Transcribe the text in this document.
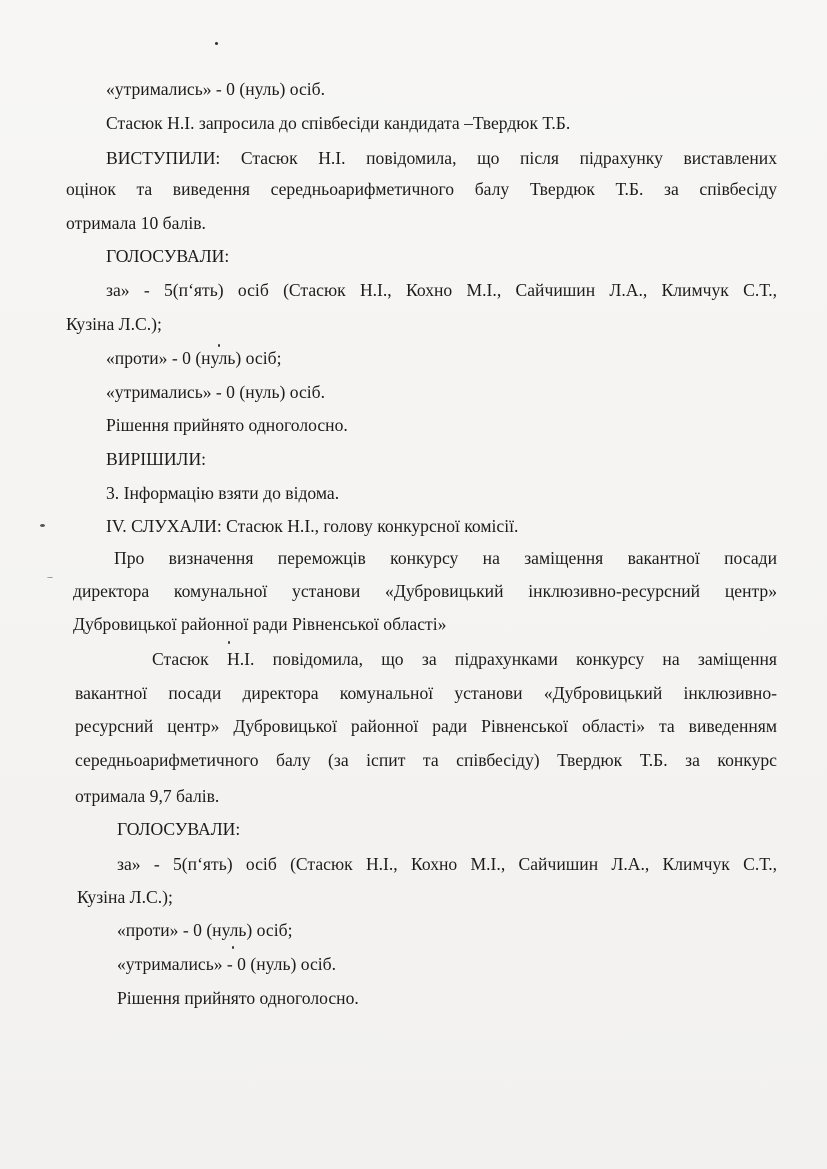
«утримались» - 0 (нуль) осіб.
Стасюк Н.І. запросила до співбесіди кандидата –Твердюк Т.Б.
ВИСТУПИЛИ: Стасюк Н.І. повідомила, що після підрахунку виставлених
оцінок та виведення середньоарифметичного балу Твердюк Т.Б. за співбесіду
отримала 10 балів.
ГОЛОСУВАЛИ:
за» - 5(п‘ять) осіб (Стасюк Н.І., Кохно М.І., Сайчишин Л.А., Климчук С.Т.,
Кузіна Л.С.);
«проти» - 0 (нуль) осіб;
«утримались» - 0 (нуль) осіб.
Рішення прийнято одноголосно.
ВИРІШИЛИ:
3. Інформацію взяти до відома.
IV. СЛУХАЛИ: Стасюк Н.І., голову конкурсної комісії.
Про визначення переможців конкурсу на заміщення вакантної посади
директора комунальної установи «Дубровицький інклюзивно-ресурсний центр»
Дубровицької районної ради Рівненської області»
Стасюк Н.І. повідомила, що за підрахунками конкурсу на заміщення
вакантної посади директора комунальної установи «Дубровицький інклюзивно-
ресурсний центр» Дубровицької районної ради Рівненської області» та виведенням
середньоарифметичного балу (за іспит та співбесіду) Твердюк Т.Б. за конкурс
отримала 9,7 балів.
ГОЛОСУВАЛИ:
за» - 5(п‘ять) осіб (Стасюк Н.І., Кохно М.І., Сайчишин Л.А., Климчук С.Т.,
Кузіна Л.С.);
«проти» - 0 (нуль) осіб;
«утримались» - 0 (нуль) осіб.
Рішення прийнято одноголосно.
